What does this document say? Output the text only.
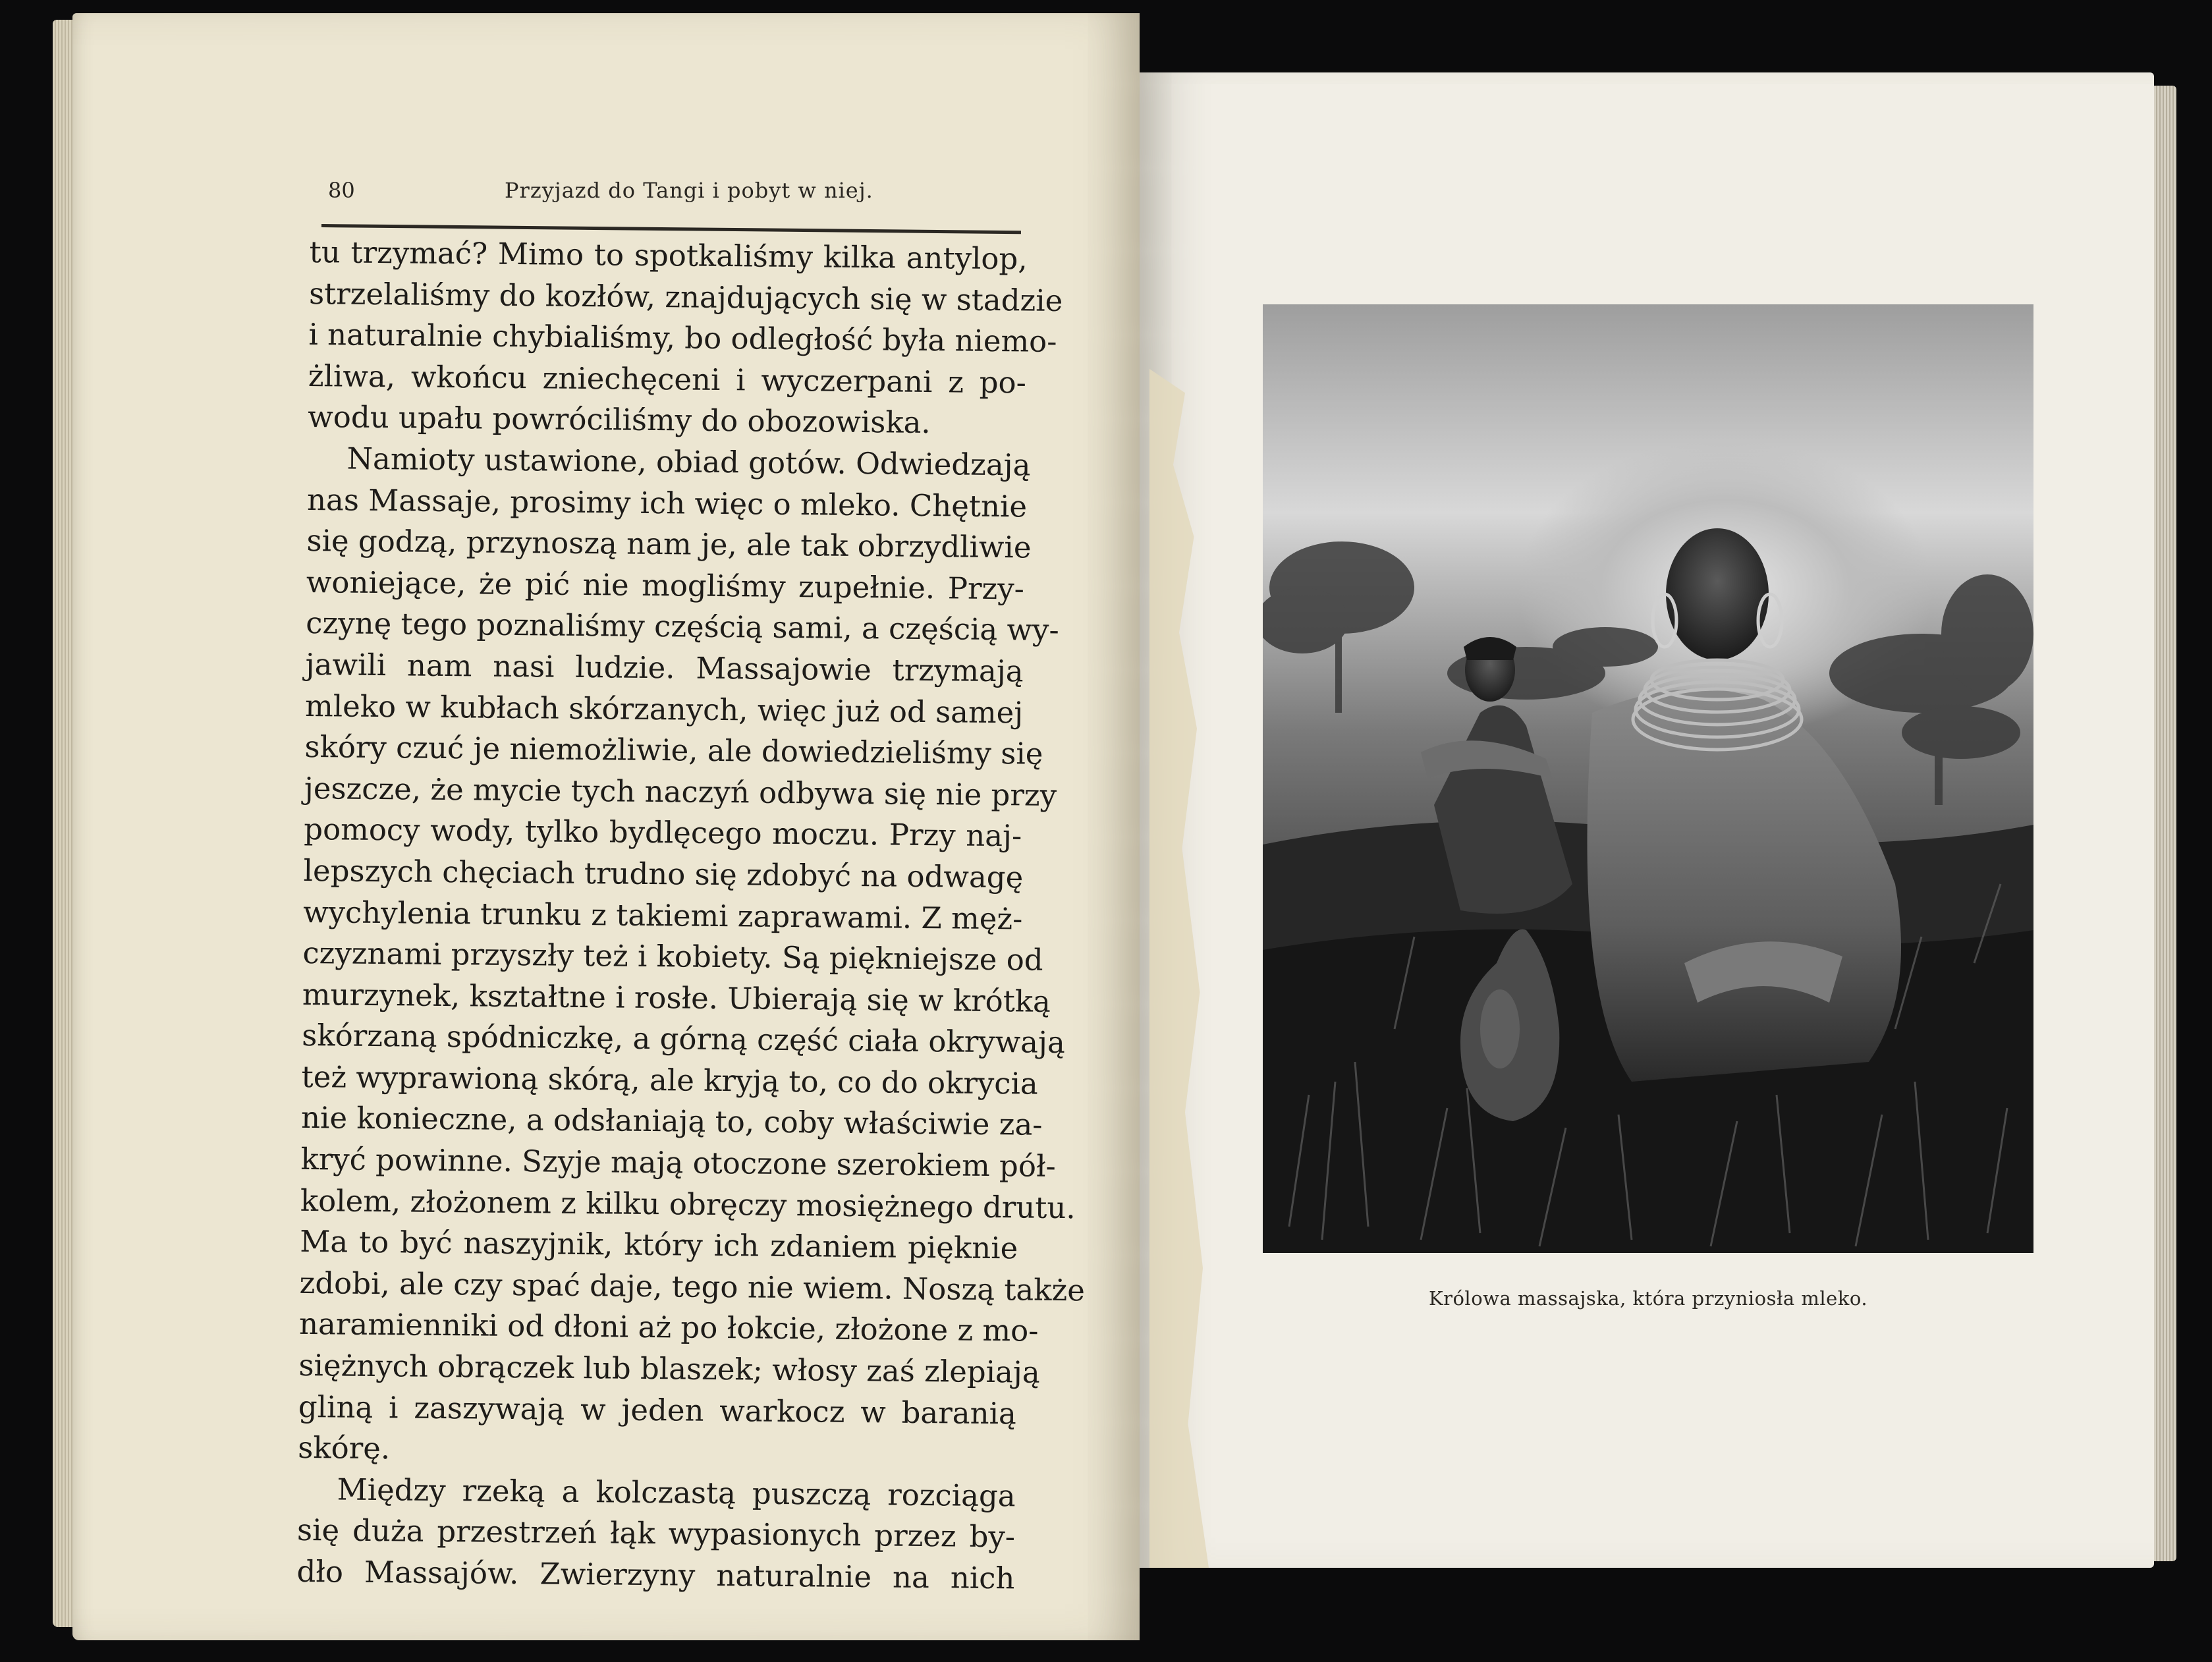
80	Przyjazd do Tangi i pobyt w niej.
tu trzymać? Mimo to spotkaliśmy kilka antylop,
strzelaliśmy do kozłów, znajdujących się w stadzie
i naturalnie chybialiśmy, bo odległość była niemo-
żliwa, wkońcu zniechęceni i wyczerpani z po-
wodu upału powróciliśmy do obozowiska.
Namioty ustawione, obiad gotów. Odwiedzają
nas Massaje, prosimy ich więc o mleko. Chętnie
się godzą, przynoszą nam je, ale tak obrzydliwie
woniejące, że pić nie mogliśmy zupełnie. Przy-
czynę tego poznaliśmy częścią sami, a częścią wy-
jawili nam nasi ludzie. Massajowie trzymają
mleko w kubłach skórzanych, więc już od samej
skóry czuć je niemożliwie, ale dowiedzieliśmy się
jeszcze, że mycie tych naczyń odbywa się nie przy
pomocy wody, tylko bydlęcego moczu. Przy naj-
lepszych chęciach trudno się zdobyć na odwagę
wychylenia trunku z takiemi zaprawami. Z męż-
czyznami przyszły też i kobiety. Są piękniejsze od
murzynek, kształtne i rosłe. Ubierają się w krótką
skórzaną spódniczkę, a górną część ciała okrywają
też wyprawioną skórą, ale kryją to, co do okrycia
nie konieczne, a odsłaniają to, coby właściwie za-
kryć powinne. Szyje mają otoczone szerokiem pół-
kolem, złożonem z kilku obręczy mosiężnego drutu.
Ma to być naszyjnik, który ich zdaniem pięknie
zdobi, ale czy spać daje, tego nie wiem. Noszą także
naramienniki od dłoni aż po łokcie, złożone z mo-
siężnych obrączek lub blaszek; włosy zaś zlepiają
gliną i zaszywają w jeden warkocz w baranią
skórę.
Między rzeką a kolczastą puszczą rozciąga
się duża przestrzeń łąk wypasionych przez by-
dło Massajów. Zwierzyny naturalnie na nich
Królowa massajska, która przyniosła mleko.
